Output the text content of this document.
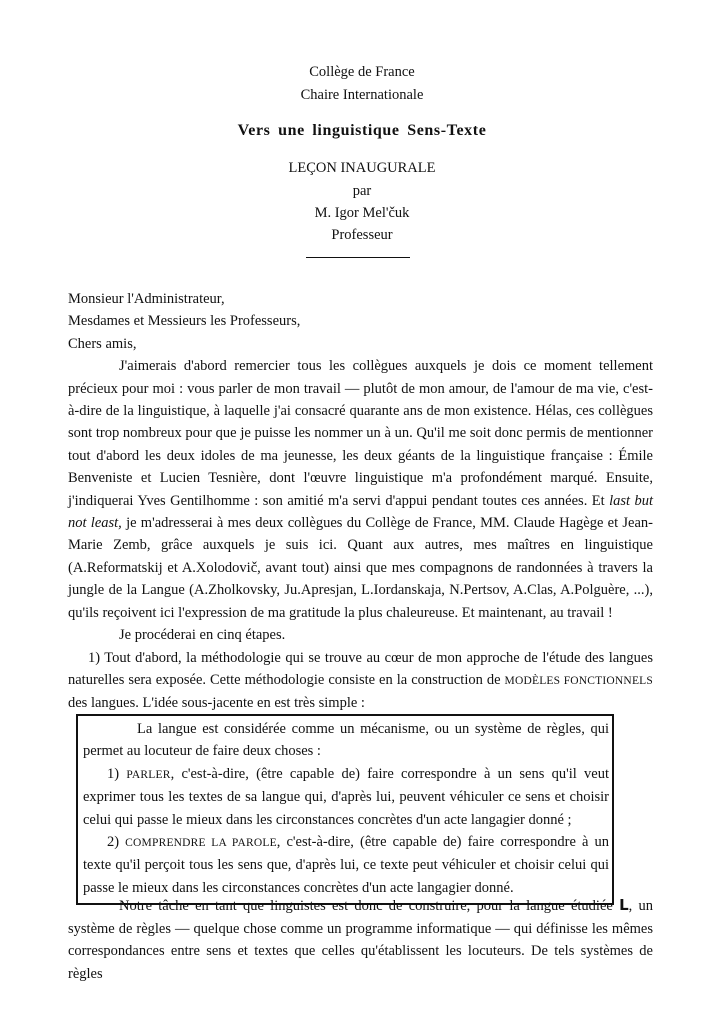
Collège de France
Chaire Internationale
Vers une linguistique Sens-Texte
LEÇON INAUGURALE
par
M. Igor Mel'čuk
Professeur

Monsieur l'Administrateur,

Mesdames et Messieurs les Professeurs,

Chers amis,

J'aimerais d'abord remercier tous les collègues auxquels je dois ce moment tellement précieux pour moi : vous parler de mon travail — plutôt de mon amour, de l'amour de ma vie, c'est-à-dire de la linguistique, à laquelle j'ai consacré quarante ans de mon existence. Hélas, ces collègues sont trop nombreux pour que je puisse les nommer un à un. Qu'il me soit donc permis de mentionner tout d'abord les deux idoles de ma jeunesse, les deux géants de la linguistique française : Émile Benveniste et Lucien Tesnière, dont l'œuvre linguistique m'a profondément marqué. Ensuite, j'indiquerai Yves Gentilhomme : son amitié m'a servi d'appui pendant toutes ces années. Et last but not least, je m'adresserai à mes deux collègues du Collège de France, MM. Claude Hagège et Jean-Marie Zemb, grâce auxquels je suis ici. Quant aux autres, mes maîtres en linguistique (A.Reformatskij et A.Xolodovič, avant tout) ainsi que mes compagnons de randonnées à travers la jungle de la Langue (A.Zholkovsky, Ju.Apresjan, L.Iordanskaja, N.Pertsov, A.Clas, A.Polguère, ...), qu'ils reçoivent ici l'expression de ma gratitude la plus chaleureuse. Et maintenant, au travail !

Je procéderai en cinq étapes.

1) Tout d'abord, la méthodologie qui se trouve au cœur de mon approche de l'étude des langues naturelles sera exposée. Cette méthodologie consiste en la construction de MODÈLES FONCTIONNELS des langues. L'idée sous-jacente en est très simple :

La langue est considérée comme un mécanisme, ou un système de règles, qui permet au locuteur de faire deux choses :

1) PARLER, c'est-à-dire, (être capable de) faire correspondre à un sens qu'il veut exprimer tous les textes de sa langue qui, d'après lui, peuvent véhiculer ce sens et choisir celui qui passe le mieux dans les circonstances concrètes d'un acte langagier donné ;

2) COMPRENDRE LA PAROLE, c'est-à-dire, (être capable de) faire correspondre à un texte qu'il perçoit tous les sens que, d'après lui, ce texte peut véhiculer et choisir celui qui passe le mieux dans les circonstances concrètes d'un acte langagier donné.

Notre tâche en tant que linguistes est donc de construire, pour la langue étudiée L, un système de règles — quelque chose comme un programme informatique — qui définisse les mêmes correspondances entre sens et textes que celles qu'établissent les locuteurs. De tels systèmes de règles
